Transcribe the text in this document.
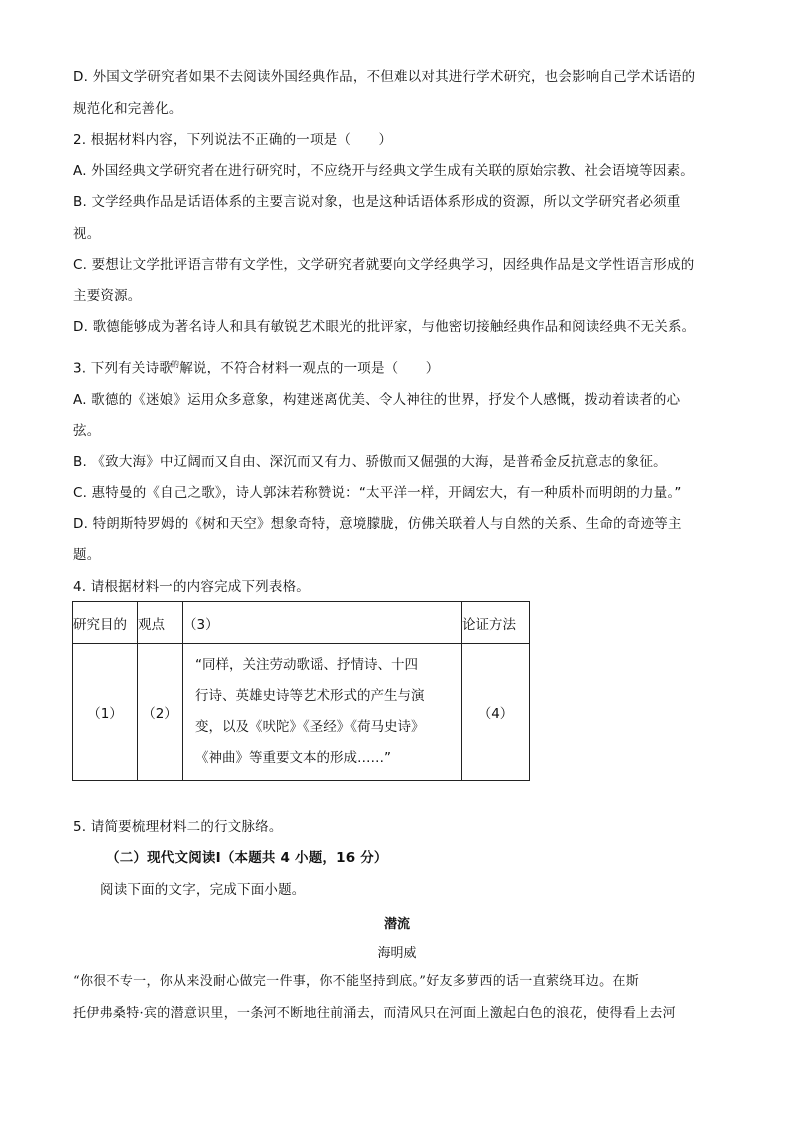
D. 外国文学研究者如果不去阅读外国经典作品，不但难以对其进行学术研究，也会影响自己学术话语的
规范化和完善化。
2. 根据材料内容，下列说法不正确的一项是（　　）
A. 外国经典文学研究者在进行研究时，不应绕开与经典文学生成有关联的原始宗教、社会语境等因素。
B. 文学经典作品是话语体系的主要言说对象，也是这种话语体系形成的资源，所以文学研究者必须重
视。
C. 要想让文学批评语言带有文学性，文学研究者就要向文学经典学习，因经典作品是文学性语言形成的
主要资源。
D. 歌德能够成为著名诗人和具有敏锐艺术眼光的批评家，与他密切接触经典作品和阅读经典不无关系。
3. 下列有关诗歌$^的$解说，不符合材料一观点的一项是（　　）
A. 歌德的《迷娘》运用众多意象，构建迷离优美、令人神往的世界，抒发个人感慨，拨动着读者的心
弦。
B. 《致大海》中辽阔而又自由、深沉而又有力、骄傲而又倔强的大海，是普希金反抗意志的象征。
C. 惠特曼的《自己之歌》，诗人郭沫若称赞说：“太平洋一样，开阔宏大，有一种质朴而明朗的力量。”
D. 特朗斯特罗姆的《树和天空》想象奇特，意境朦胧，仿佛关联着人与自然的关系、生命的奇迹等主
题。
4. 请根据材料一的内容完成下列表格。
研究目的	观点	（3）	论证方法
（1）	（2）	“同样，关注劳动歌谣、抒情诗、十四
行诗、英雄史诗等艺术形式的产生与演
变，以及《吠陀》《圣经》《荷马史诗》
《神曲》等重要文本的形成……”	（4）
5. 请简要梳理材料二的行文脉络。
（二）现代文阅读Ⅰ（本题共 4 小题，16 分）
阅读下面的文字，完成下面小题。
潜流
海明威
“你很不专一，你从来没耐心做完一件事，你不能坚持到底。”好友多萝西的话一直萦绕耳边。在斯
托伊弗桑特·宾的潜意识里，一条河不断地往前涌去，而清风只在河面上激起白色的浪花，使得看上去河
